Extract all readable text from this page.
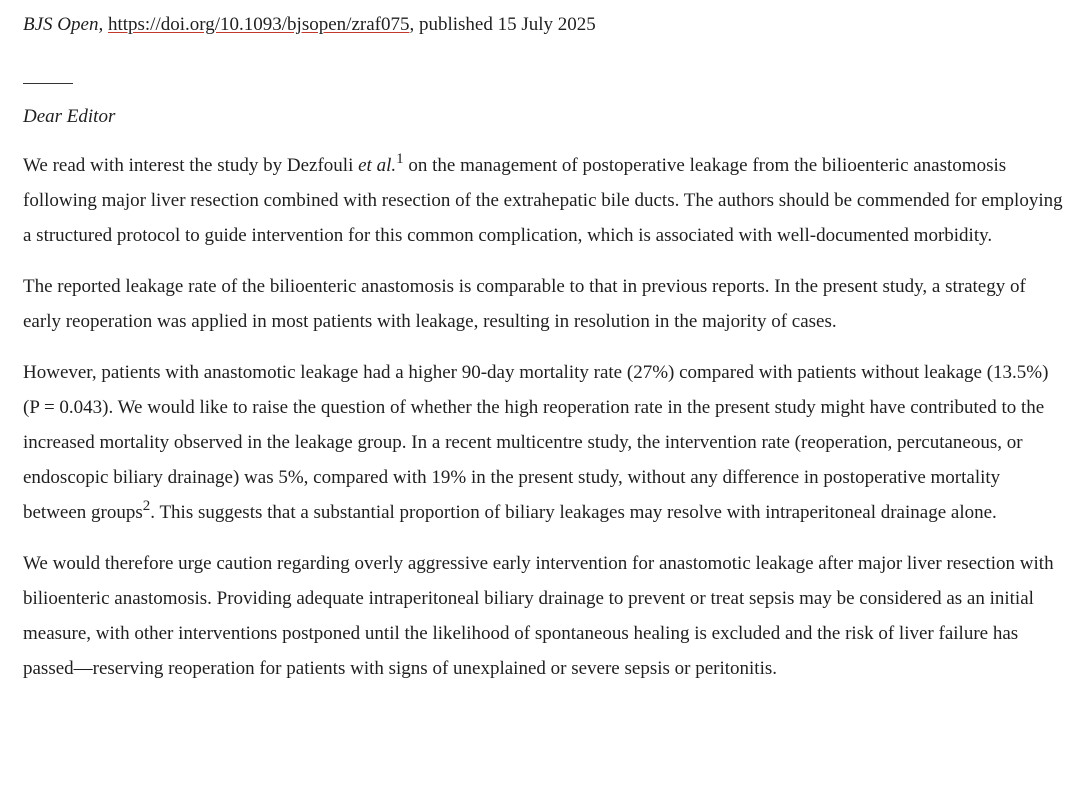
BJS Open, https://doi.org/10.1093/bjsopen/zraf075, published 15 July 2025

Dear Editor

We read with interest the study by Dezfouli et al.$^1$ on the management of postoperative leakage from the bilioenteric anastomosis following major liver resection combined with resection of the extrahepatic bile ducts. The authors should be commended for employing a structured protocol to guide intervention for this common complication, which is associated with well-documented morbidity.

The reported leakage rate of the bilioenteric anastomosis is comparable to that in previous reports. In the present study, a strategy of early reoperation was applied in most patients with leakage, resulting in resolution in the majority of cases.

However, patients with anastomotic leakage had a higher 90-day mortality rate (27%) compared with patients without leakage (13.5%) (P = 0.043). We would like to raise the question of whether the high reoperation rate in the present study might have contributed to the increased mortality observed in the leakage group. In a recent multicentre study, the intervention rate (reoperation, percutaneous, or endoscopic biliary drainage) was 5%, compared with 19% in the present study, without any difference in postoperative mortality between groups$^2$. This suggests that a substantial proportion of biliary leakages may resolve with intraperitoneal drainage alone.

We would therefore urge caution regarding overly aggressive early intervention for anastomotic leakage after major liver resection with bilioenteric anastomosis. Providing adequate intraperitoneal biliary drainage to prevent or treat sepsis may be considered as an initial measure, with other interventions postponed until the likelihood of spontaneous healing is excluded and the risk of liver failure has passed—reserving reoperation for patients with signs of unexplained or severe sepsis or peritonitis.
